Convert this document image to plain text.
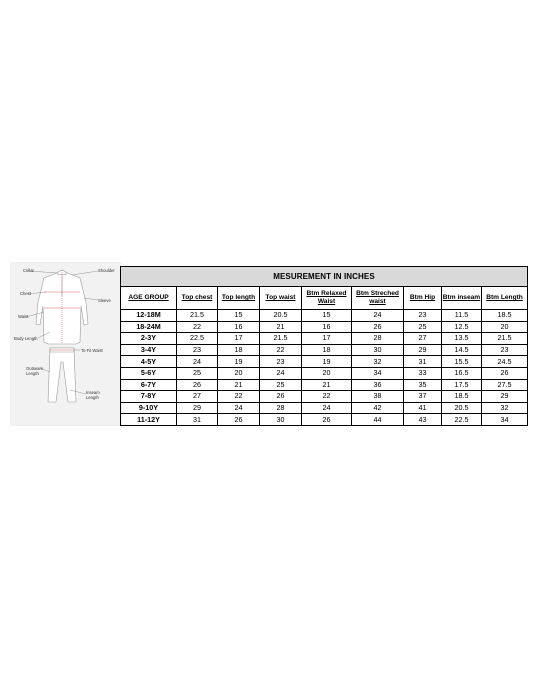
Collar	Shoulder
Chest
Sleeve
Waist
Body Length
To Fit Waist
Outseam Length
Inseam Length
MESUREMENT IN INCHES								
AGE GROUP	Top chest	Top length	Top waist	Btm Relaxed Waist	Btm Streched waist	Btm Hip	Btm inseam	Btm Length
12-18M	21.5	15	20.5	15	24	23	11.5	18.5
18-24M	22	16	21	16	26	25	12.5	20
2-3Y	22.5	17	21.5	17	28	27	13.5	21.5
3-4Y	23	18	22	18	30	29	14.5	23
4-5Y	24	19	23	19	32	31	15.5	24.5
5-6Y	25	20	24	20	34	33	16.5	26
6-7Y	26	21	25	21	36	35	17.5	27.5
7-8Y	27	22	26	22	38	37	18.5	29
9-10Y	29	24	28	24	42	41	20.5	32
11-12Y	31	26	30	26	44	43	22.5	34
